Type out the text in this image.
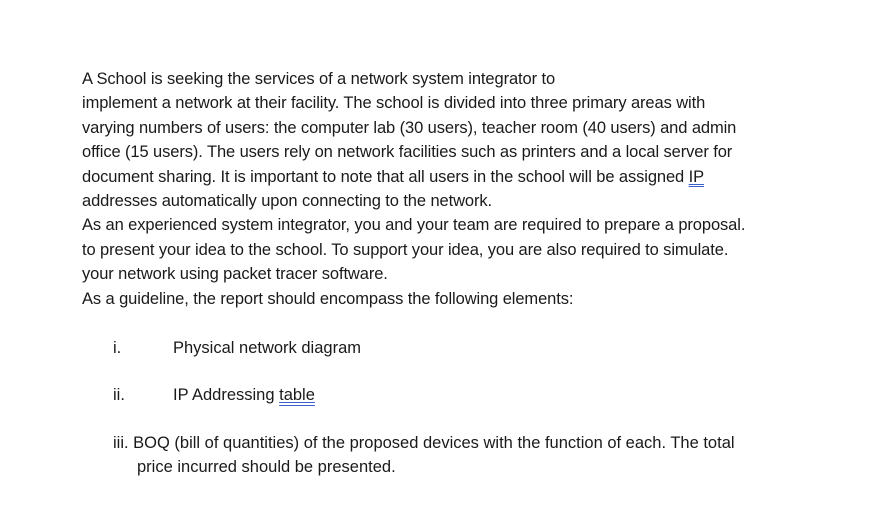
A School is seeking the services of a network system integrator to
implement a network at their facility. The school is divided into three primary areas with
varying numbers of users: the computer lab (30 users), teacher room (40 users) and admin
office (15 users). The users rely on network facilities such as printers and a local server for
document sharing. It is important to note that all users in the school will be assigned IP
addresses automatically upon connecting to the network.
As an experienced system integrator, you and your team are required to prepare a proposal.
to present your idea to the school. To support your idea, you are also required to simulate.
your network using packet tracer software.
As a guideline, the report should encompass the following elements:
i.	Physical network diagram
ii.	IP Addressing table
iii. BOQ (bill of quantities) of the proposed devices with the function of each. The total
price incurred should be presented.
